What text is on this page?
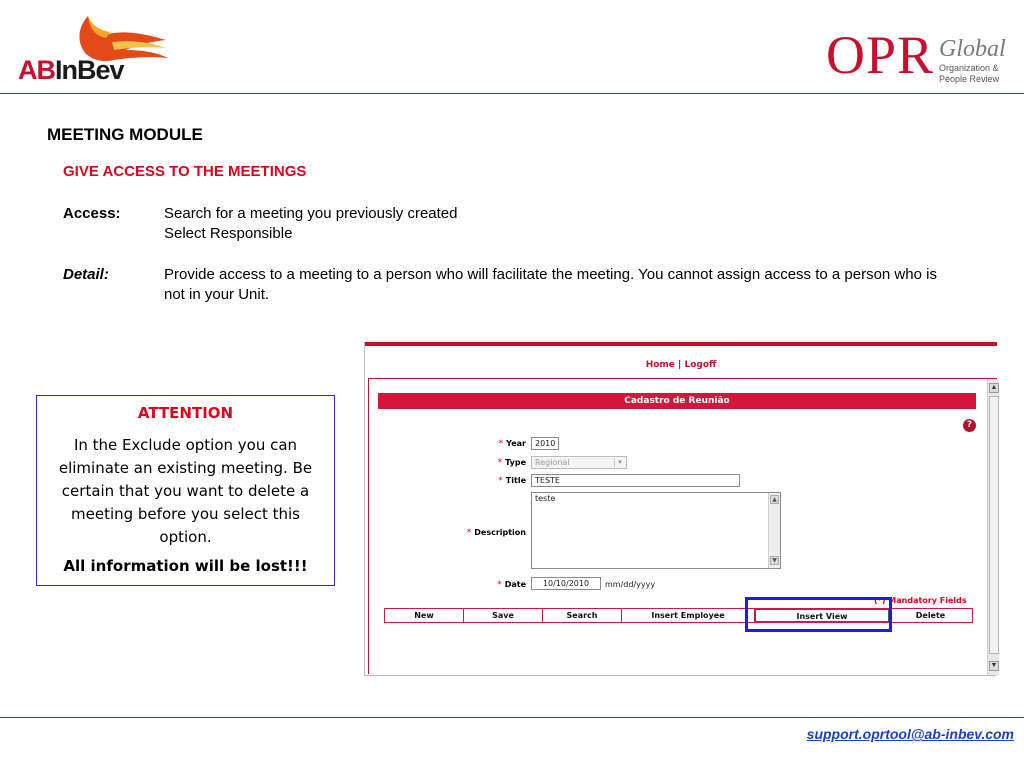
ABInBev	OPR Global
Organization &
People Review
MEETING MODULE
GIVE ACCESS TO THE MEETINGS
Access:	Search for a meeting you previously created
Select Responsible
Detail:	Provide access to a meeting to a person who will facilitate the meeting. You cannot assign access to a person who is not in your Unit.
ATTENTION
In the Exclude option you can eliminate an existing meeting. Be certain that you want to delete a meeting before you select this option.
All information will be lost!!!
Home | Logoff
Cadastro de Reunião
?
* Year	2010
* Type	Regional	▾
* Title	TESTE
* Description
teste	▲
▼
* Date	10/10/2010	mm/dd/yyyy
(*) Mandatory Fields
New	Save	Search	Insert Employee	Insert View	Delete
▲
▼
support.oprtool@ab-inbev.com
